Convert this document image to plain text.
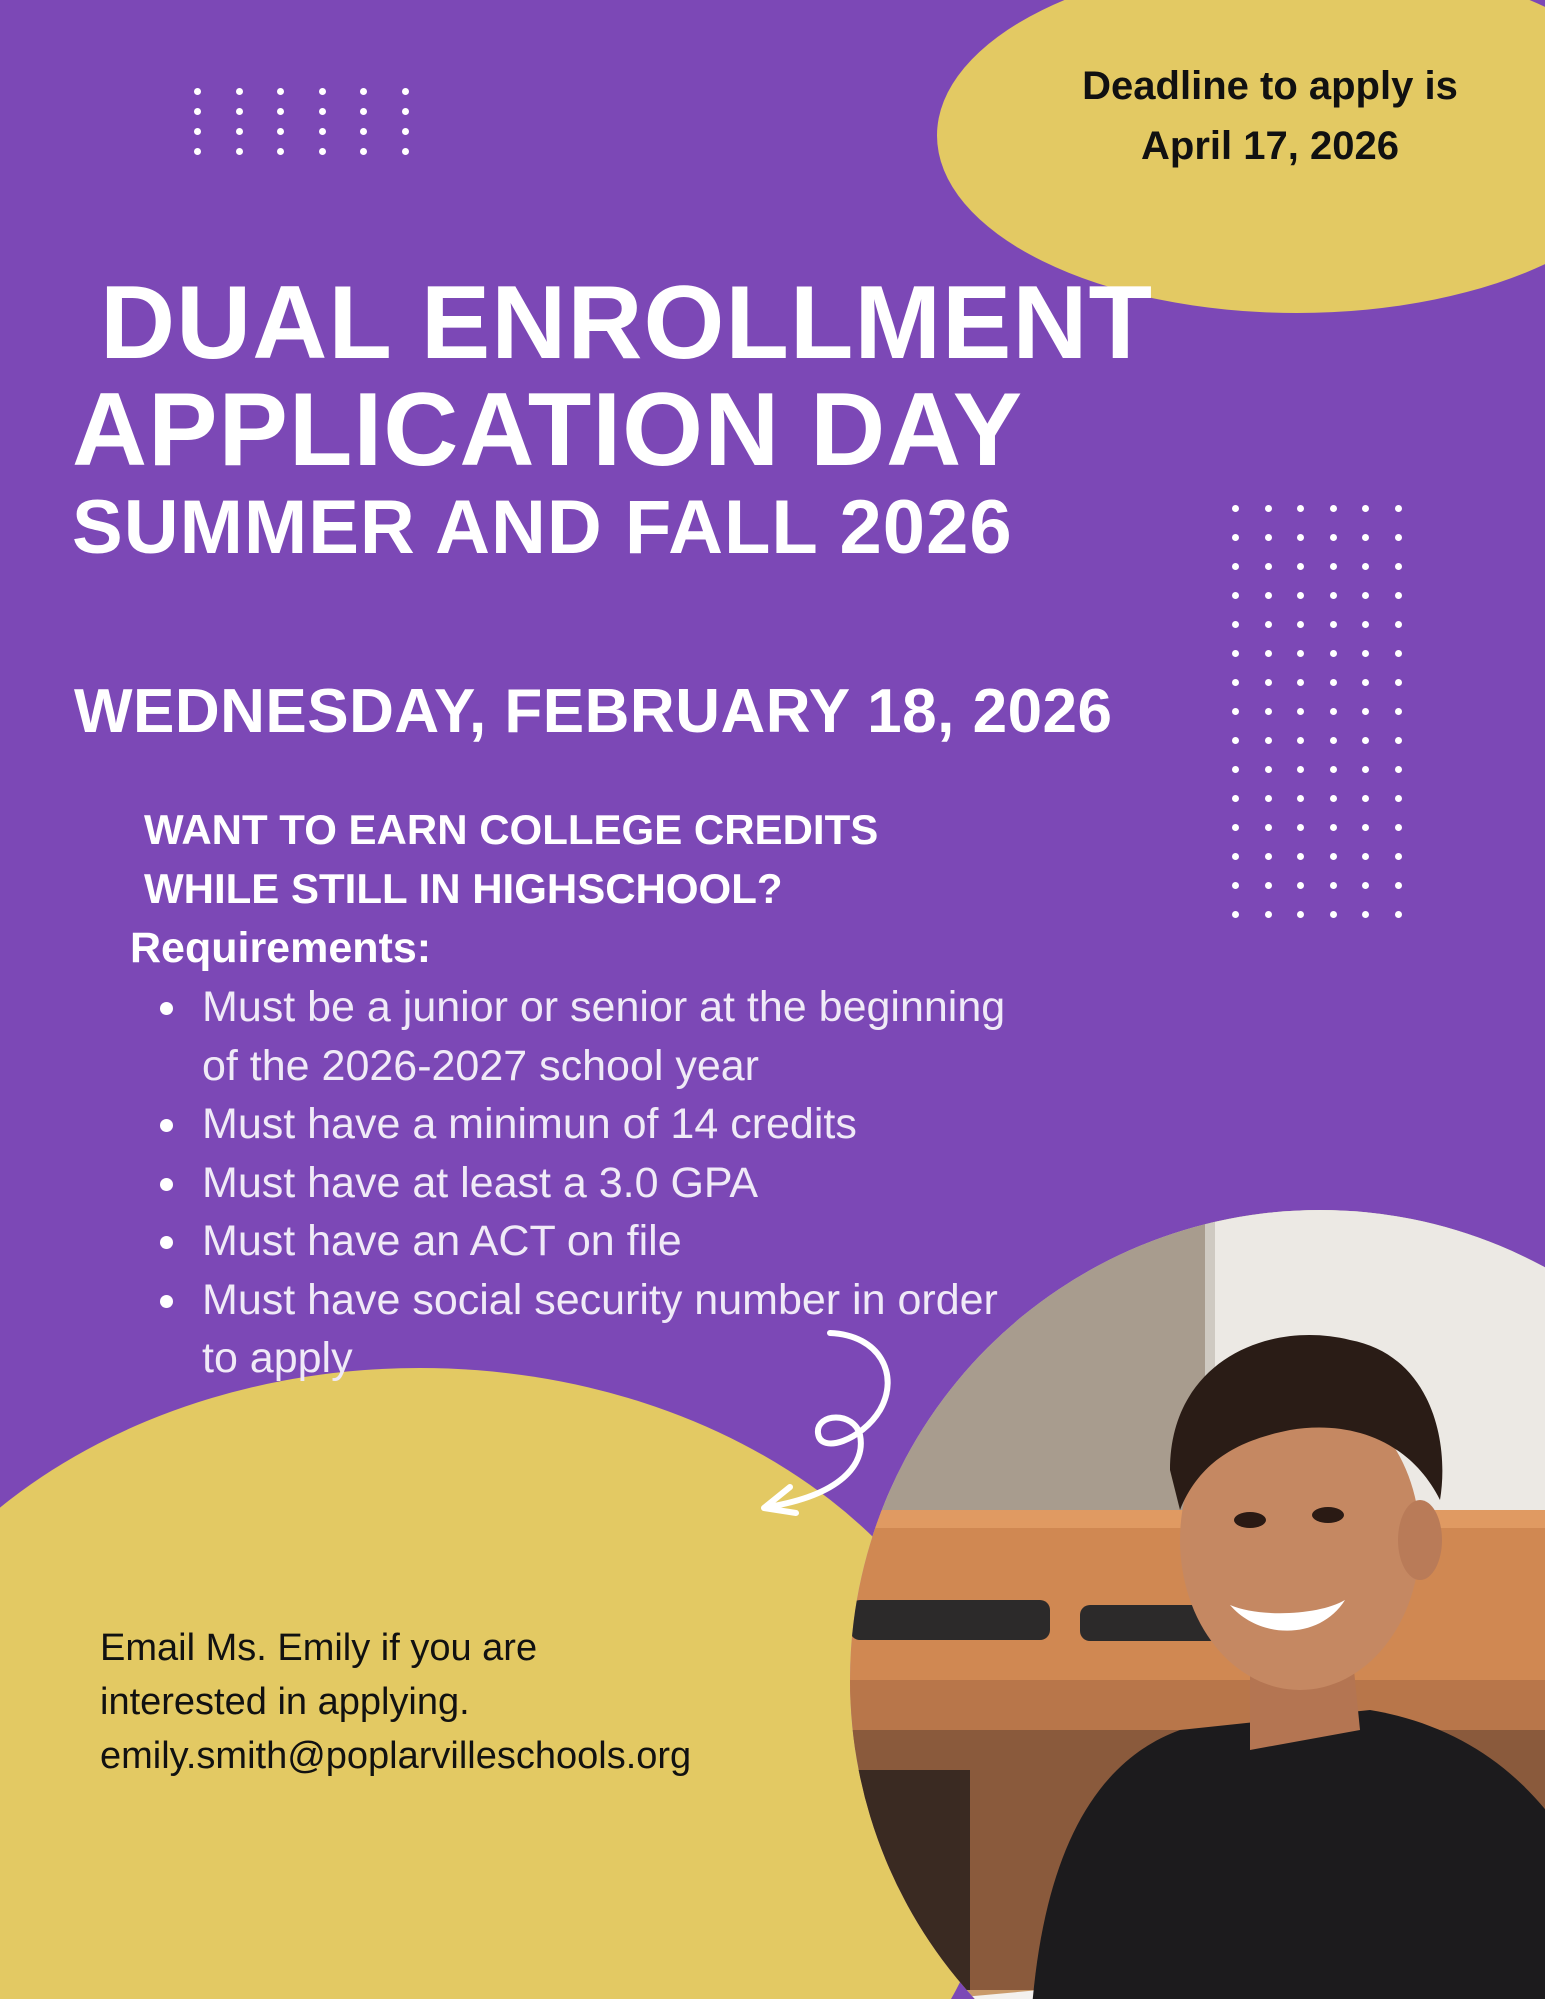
Deadline to apply is
April 17, 2026
DUAL ENROLLMENT
APPLICATION DAY
SUMMER AND FALL 2026
WEDNESDAY, FEBRUARY 18, 2026
WANT TO EARN COLLEGE CREDITS
WHILE STILL IN HIGHSCHOOL?
Requirements:
Must be a junior or senior at the beginning
of the 2026-2027 school year
Must have a minimun of 14 credits
Must have at least a 3.0 GPA
Must have an ACT on file
Must have social security number in order
to apply
Email Ms. Emily if you are
interested in applying.
emily.smith@poplarvilleschools.org
